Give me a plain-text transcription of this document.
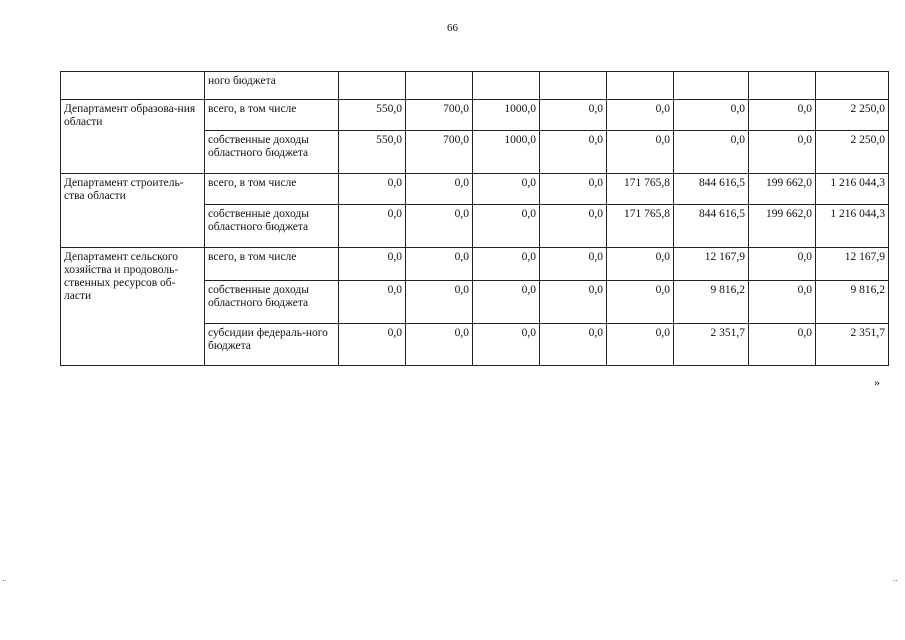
66
	ного бюджета								
Департамент образова-ния области	всего, в том числе	550,0	700,0	1000,0	0,0	0,0	0,0	0,0	2 250,0
	собственные доходы областного бюджета	550,0	700,0	1000,0	0,0	0,0	0,0	0,0	2 250,0
Департамент строитель-ства области	всего, в том числе	0,0	0,0	0,0	0,0	171 765,8	844 616,5	199 662,0	1 216 044,3
	собственные доходы областного бюджета	0,0	0,0	0,0	0,0	171 765,8	844 616,5	199 662,0	1 216 044,3
Департамент сельского хозяйства и продоволь-ственных ресурсов об-ласти	всего, в том числе	0,0	0,0	0,0	0,0	0,0	12 167,9	0,0	12 167,9
	собственные доходы областного бюджета	0,0	0,0	0,0	0,0	0,0	9 816,2	0,0	9 816,2
	субсидии федераль-ного бюджета	0,0	0,0	0,0	0,0	0,0	2 351,7	0,0	2 351,7
»
..	..
